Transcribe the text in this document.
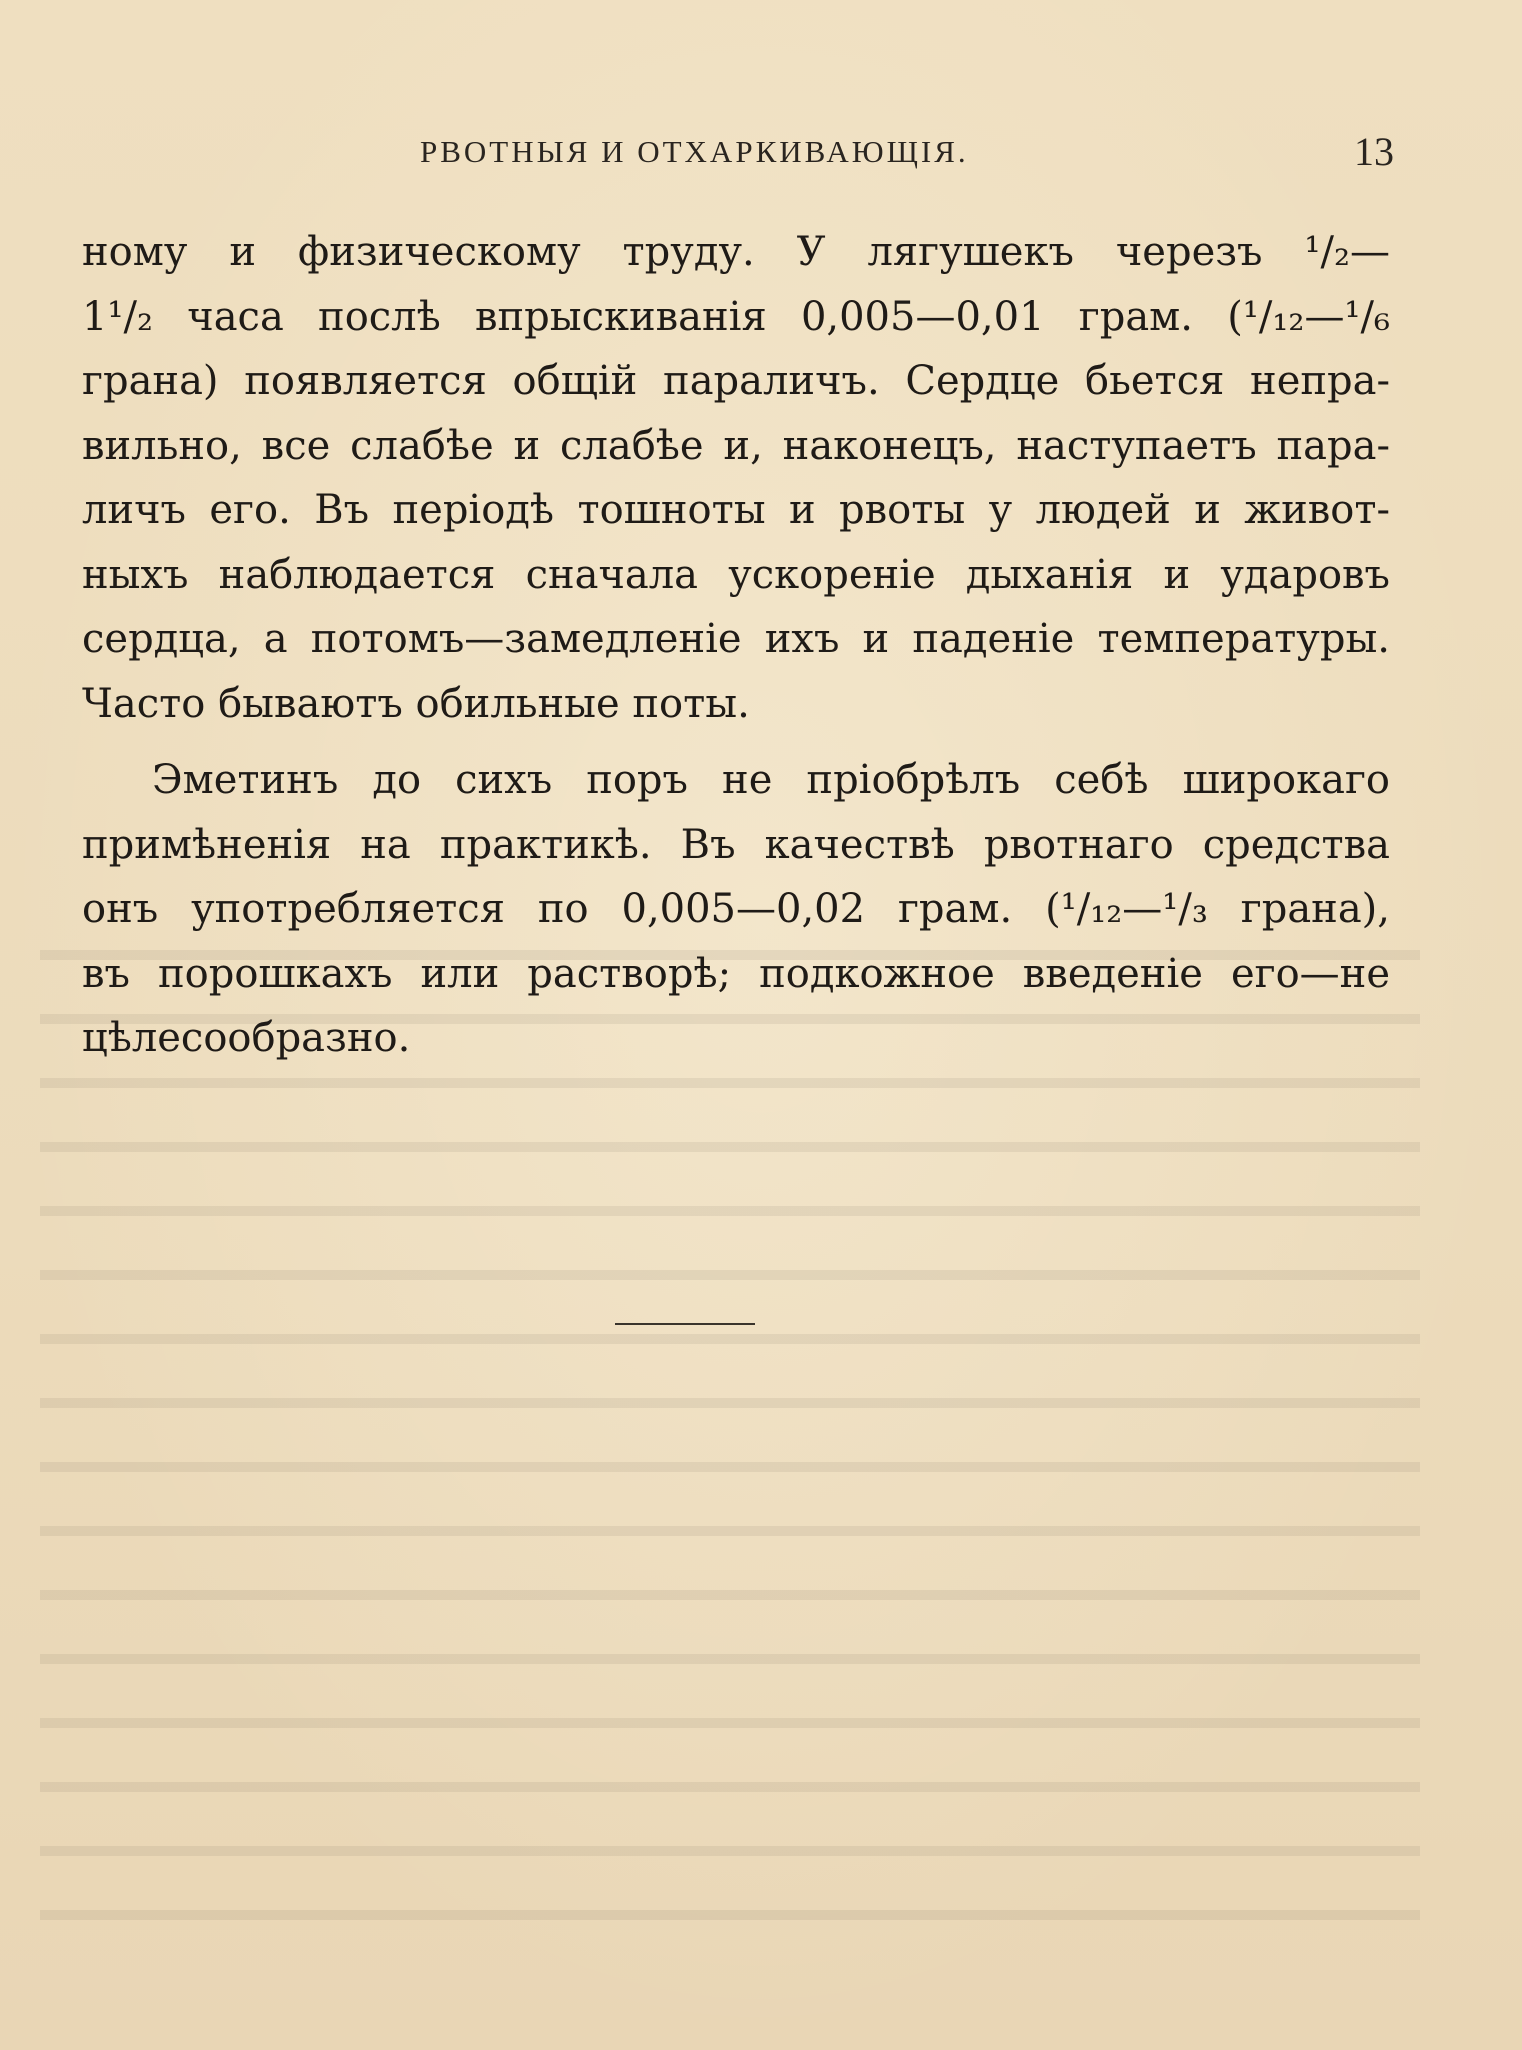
РВОТНЫЯ И ОТХАРКИВАЮЩІЯ.	13
ному и физическому труду. У лягушекъ черезъ ¹/₂—
1¹/₂ часа послѣ впрыскиванія 0,005—0,01 грам. (¹/₁₂—¹/₆
грана) появляется общій параличъ. Сердце бьется непра-
вильно, все слабѣе и слабѣе и, наконецъ, наступаетъ пара-
личъ его. Въ періодѣ тошноты и рвоты у людей и живот-
ныхъ наблюдается сначала ускореніе дыханія и ударовъ
сердца, а потомъ—замедленіе ихъ и паденіе температуры.
Часто бываютъ обильные поты.
Эметинъ до сихъ поръ не пріобрѣлъ себѣ широкаго
примѣненія на практикѣ. Въ качествѣ рвотнаго средства
онъ употребляется по 0,005—0,02 грам. (¹/₁₂—¹/₃ грана),
въ порошкахъ или растворѣ; подкожное введеніе его—не
цѣлесообразно.
